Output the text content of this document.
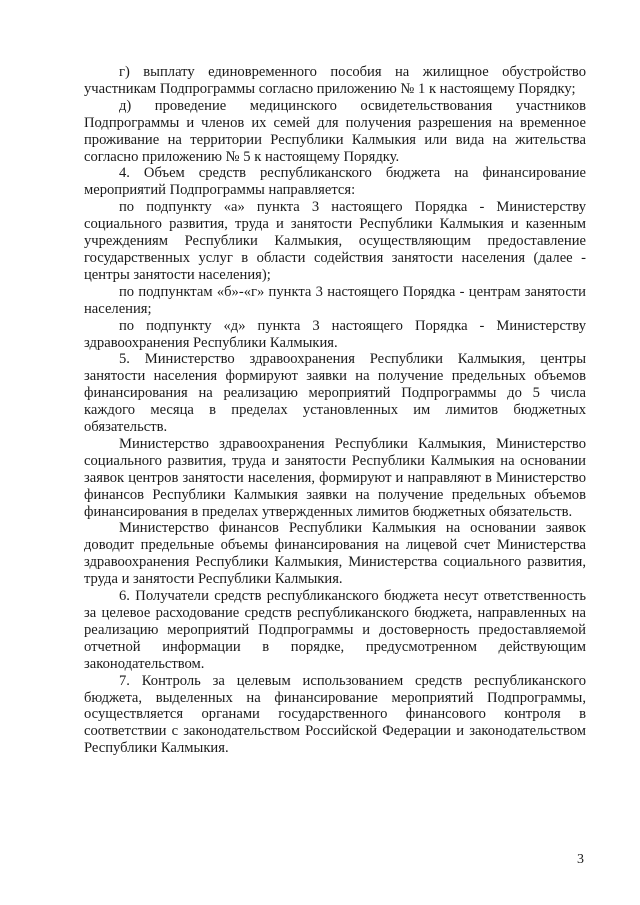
г) выплату единовременного пособия на жилищное обустройство участникам Подпрограммы согласно приложению № 1 к настоящему Порядку;

д) проведение медицинского освидетельствования участников Подпрограммы и членов их семей для получения разрешения на временное проживание на территории Республики Калмыкия или вида на жительства согласно приложению № 5 к настоящему Порядку.

4. Объем средств республиканского бюджета на финансирование мероприятий Подпрограммы направляется:

по подпункту «а» пункта 3 настоящего Порядка - Министерству социального развития, труда и занятости Республики Калмыкия и казенным учреждениям Республики Калмыкия, осуществляющим предоставление государственных услуг в области содействия занятости населения (далее - центры занятости населения);

по подпунктам «б»-«г» пункта 3 настоящего Порядка - центрам занятости населения;

по подпункту «д» пункта 3 настоящего Порядка - Министерству здравоохранения Республики Калмыкия.

5. Министерство здравоохранения Республики Калмыкия, центры занятости населения формируют заявки на получение предельных объемов финансирования на реализацию мероприятий Подпрограммы до 5 числа каждого месяца в пределах установленных им лимитов бюджетных обязательств.

Министерство здравоохранения Республики Калмыкия, Министерство социального развития, труда и занятости Республики Калмыкия на основании заявок центров занятости населения, формируют и направляют в Министерство финансов Республики Калмыкия заявки на получение предельных объемов финансирования в пределах утвержденных лимитов бюджетных обязательств.

Министерство финансов Республики Калмыкия на основании заявок доводит предельные объемы финансирования на лицевой счет Министерства здравоохранения Республики Калмыкия, Министерства социального развития, труда и занятости Республики Калмыкия.

6. Получатели средств республиканского бюджета несут ответственность за целевое расходование средств республиканского бюджета, направленных на реализацию мероприятий Подпрограммы и достоверность предоставляемой отчетной информации в порядке, предусмотренном действующим законодательством.

7. Контроль за целевым использованием средств республиканского бюджета, выделенных на финансирование мероприятий Подпрограммы, осуществляется органами государственного финансового контроля в соответствии с законодательством Российской Федерации и законодательством Республики Калмыкия.

3
